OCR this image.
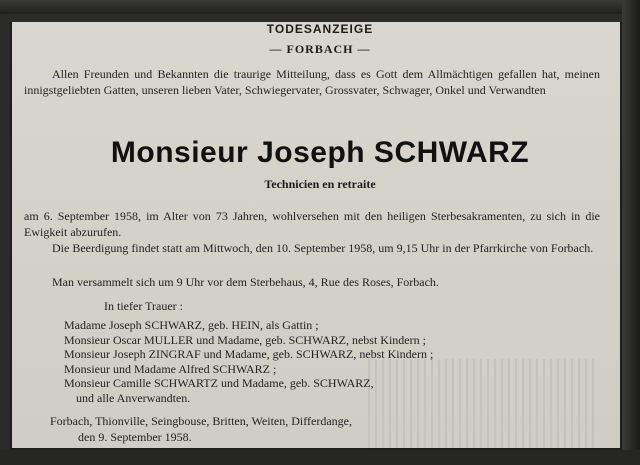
TODESANZEIGE
— FORBACH —
Allen Freunden und Bekannten die traurige Mitteilung, dass es Gott dem Allmächtigen gefallen hat, meinen innigstgeliebten Gatten, unseren lieben Vater, Schwiegervater, Grossvater, Schwager, Onkel und Verwandten
Monsieur Joseph SCHWARZ
Technicien en retraite
am 6. September 1958, im Alter von 73 Jahren, wohlversehen mit den heiligen Sterbesakramenten, zu sich in die Ewigkeit abzurufen.
Die Beerdigung findet statt am Mittwoch, den 10. September 1958, um 9,15 Uhr in der Pfarrkirche von Forbach.
Man versammelt sich um 9 Uhr vor dem Sterbehaus, 4, Rue des Roses, Forbach.
In tiefer Trauer :
Madame Joseph SCHWARZ, geb. HEIN, als Gattin ;
Monsieur Oscar MULLER und Madame, geb. SCHWARZ, nebst Kindern ;
Monsieur Joseph ZINGRAF und Madame, geb. SCHWARZ, nebst Kindern ;
Monsieur und Madame Alfred SCHWARZ ;
Monsieur Camille SCHWARTZ und Madame, geb. SCHWARZ,
und alle Anverwandten.
Forbach, Thionville, Seingbouse, Britten, Weiten, Differdange,
den 9. September 1958.
